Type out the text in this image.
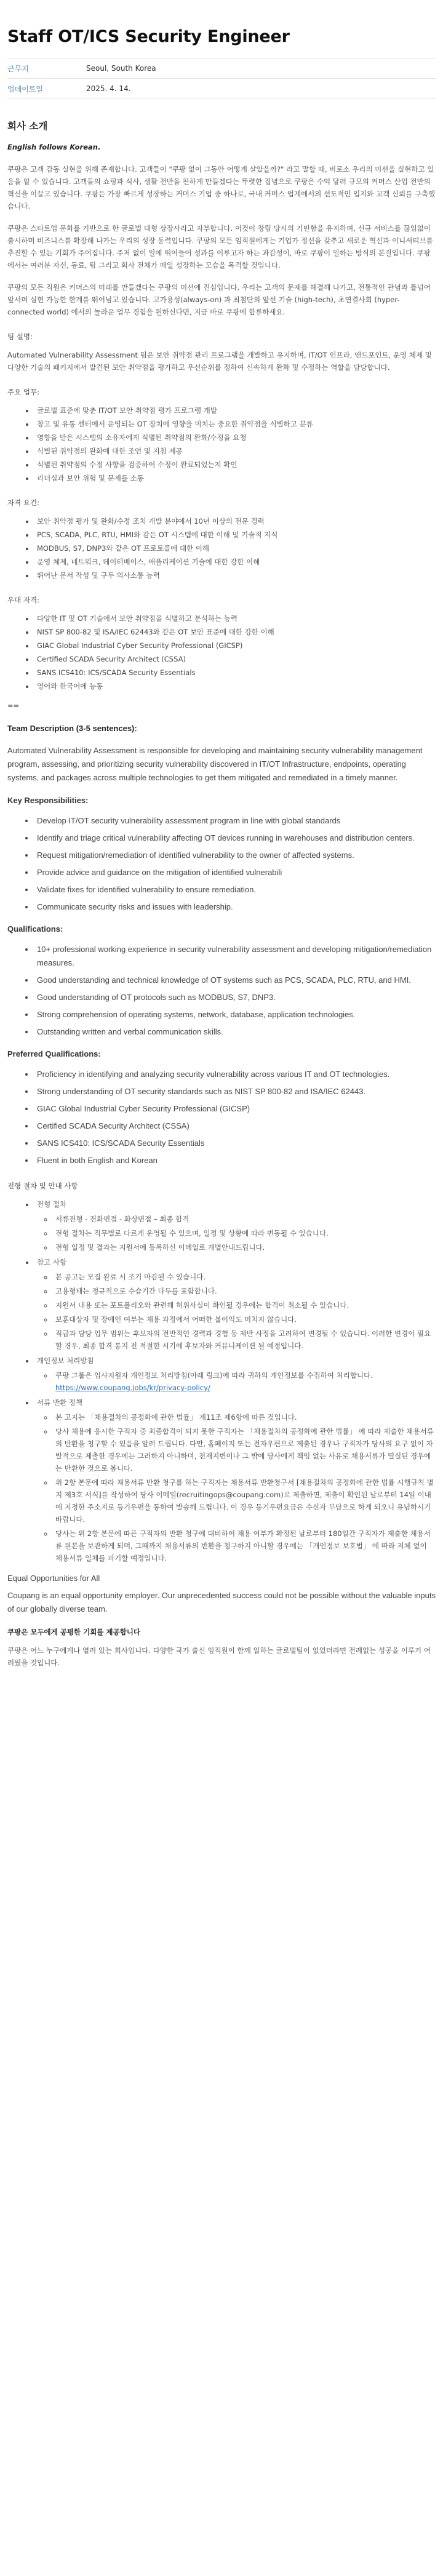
Staff OT/ICS Security Engineer
근무지	Seoul, South Korea
업데이트일	2025. 4. 14.
회사 소개

English follows Korean.

쿠팡은 고객 감동 실현을 위해 존재합니다. 고객들이 "쿠팡 없이 그동안 어떻게 살았을까?" 라고 말할 때, 비로소 우리의 미션을 실현하고 있음을 알 수 있습니다. 고객들의 쇼핑과 식사, 생활 전반을 편하게 만들겠다는 뚜렷한 집념으로 쿠팡은 수억 달러 규모의 커머스 산업 전반의 혁신을 이끌고 있습니다. 쿠팡은 가장 빠르게 성장하는 커머스 기업 중 하나로, 국내 커머스 업계에서의 선도적인 입지와 고객 신뢰를 구축했습니다.

쿠팡은 스타트업 문화를 기반으로 한 글로벌 대형 상장사라고 자부합니다. 이것이 창립 당시의 기민함을 유지하며, 신규 서비스를 끊임없이 출시하며 비즈니스를 확장해 나가는 우리의 성장 동력입니다. 쿠팡의 모든 임직원에게는 기업가 정신을 갖추고 새로운 혁신과 이니셔티브를 추진할 수 있는 기회가 주어집니다. 주저 없이 일에 뛰어들어 성과를 이루고자 하는 과감성이, 바로 쿠팡이 일하는 방식의 본질입니다. 쿠팡에서는 여러분 자신, 동료, 팀 그리고 회사 전체가 매일 성장하는 모습을 목격할 것입니다.

쿠팡의 모든 직원은 커머스의 미래를 만들겠다는 쿠팡의 미션에 진심입니다. 우리는 고객의 문제를 해결해 나가고, 전통적인 관념과 틀넘어 앞서며 실현 가능한 한계를 뛰어넘고 있습니다. 고가용성(always-on) 과 최첨단의 앞선 기술 (high-tech), 초연결사회 (hyper-connected world) 에서의 놀라운 업무 경험을 원하신다면, 지금 바로 쿠팡에 합류하세요.

팀 설명:

Automated Vulnerability Assessment 팀은 보안 취약점 관리 프로그램을 개발하고 유지하며, IT/OT 인프라, 엔드포인트, 운영 체제 및 다양한 기술의 패키지에서 발견된 보안 취약점을 평가하고 우선순위를 정하여 신속하게 완화 및 수정하는 역할을 담당합니다.

주요 업무:
• 글로벌 표준에 맞춘 IT/OT 보안 취약점 평가 프로그램 개발
• 창고 및 유통 센터에서 운영되는 OT 장치에 영향을 미치는 중요한 취약점을 식별하고 분류
• 영향을 받은 시스템의 소유자에게 식별된 취약점의 완화/수정을 요청
• 식별된 취약점의 완화에 대한 조언 및 지침 제공
• 식별된 취약점의 수정 사항을 검증하여 수정이 완료되었는지 확인
• 리더십과 보안 위험 및 문제를 소통
자격 요건:
• 보안 취약점 평가 및 완화/수정 조치 개발 분야에서 10년 이상의 전문 경력
• PCS, SCADA, PLC, RTU, HMI와 같은 OT 시스템에 대한 이해 및 기술적 지식
• MODBUS, S7, DNP3와 같은 OT 프로토콜에 대한 이해
• 운영 체제, 네트워크, 데이터베이스, 애플리케이션 기술에 대한 강한 이해
• 뛰어난 문서 작성 및 구두 의사소통 능력
우대 자격:
• 다양한 IT 및 OT 기술에서 보안 취약점을 식별하고 분석하는 능력
• NIST SP 800-82 및 ISA/IEC 62443와 같은 OT 보안 표준에 대한 강한 이해
• GIAC Global Industrial Cyber Security Professional (GICSP)
• Certified SCADA Security Architect (CSSA)
• SANS ICS410: ICS/SCADA Security Essentials
• 영어와 한국어에 능통
==
Team Description (3-5 sentences):

Automated Vulnerability Assessment is responsible for developing and maintaining security vulnerability management program, assessing, and prioritizing security vulnerability discovered in IT/OT Infrastructure, endpoints, operating systems, and packages across multiple technologies to get them mitigated and remediated in a timely manner.

Key Responsibilities:
• Develop IT/OT security vulnerability assessment program in line with global standards
• Identify and triage critical vulnerability affecting OT devices running in warehouses and distribution centers.
• Request mitigation/remediation of identified vulnerability to the owner of affected systems.
• Provide advice and guidance on the mitigation of identified vulnerabili
• Validate fixes for identified vulnerability to ensure remediation.
• Communicate security risks and issues with leadership.
Qualifications:
• 10+ professional working experience in security vulnerability assessment and developing mitigation/remediation measures.
• Good understanding and technical knowledge of OT systems such as PCS, SCADA, PLC, RTU, and HMI.
• Good understanding of OT protocols such as MODBUS, S7, DNP3.
• Strong comprehension of operating systems, network, database, application technologies.
• Outstanding written and verbal communication skills.
Preferred Qualifications:
• Proficiency in identifying and analyzing security vulnerability across various IT and OT technologies.
• Strong understanding of OT security standards such as NIST SP 800-82 and ISA/IEC 62443.
• GIAC Global Industrial Cyber Security Professional (GICSP)
• Certified SCADA Security Architect (CSSA)
• SANS ICS410: ICS/SCADA Security Essentials
• Fluent in both English and Korean
전형 절차 및 안내 사항
• 전형 절차
◦ 서류전형 - 전화면접 - 화상면접 – 최종 합격
◦ 전형 절차는 직무별로 다르게 운영될 수 있으며, 일정 및 상황에 따라 변동될 수 있습니다.
◦ 전형 일정 및 결과는 지원서에 등록하신 이메일로 개별안내드립니다.
• 참고 사항
◦ 본 공고는 모집 완료 시 조기 마감될 수 있습니다.
◦ 고용형태는 정규직으로 수습기간 다두를 포함합니다.
◦ 지원서 내용 또는 포트폴리오와 관련해 허위사실이 확인될 경우에는 합격이 취소될 수 있습니다.
◦ 보훈대상자 및 장애인 여부는 채용 과정에서 어떠한 불이익도 미치지 않습니다.
◦ 직급과 담당 업무 범위는 후보자의 전반적인 경력과 경험 등 제반 사정을 고려하여 변경될 수 있습니다. 이러한 변경이 필요할 경우, 최종 합격 통지 전 적절한 시기에 후보자와 커뮤니케이션 될 예정입니다.
• 개인정보 처리방침
◦ 쿠팡 그룹은 입사지원자 개인정보 처리방침(아래 링크)에 따라 귀하의 개인정보를 수집하여 처리합니다. https://www.coupang.jobs/kr/privacy-policy/
• 서류 반환 정책
◦ 본 고지는 「채용절차의 공정화에 관한 법률」 제11조 제6항에 따른 것입니다.
◦ 당사 채용에 응시한 구직자 중 최종합격이 되지 못한 구직자는 「채용절차의 공정화에 관한 법률」 에 따라 제출한 채용서류의 반환을 청구할 수 있음을 알려 드립니다. 다만, 홈페이지 또는 전자우편으로 제출된 경우나 구직자가 당사의 요구 없이 자발적으로 제출한 경우에는 그러하지 아니하며, 천재지변이나 그 밖에 당사에게 책임 없는 사유로 채용서류가 멸실된 경우에는 반환한 것으로 봅니다.
◦ 위 2항 본문에 따라 채용서류 반환 청구를 하는 구직자는 채용서류 반환청구서 [채용절차의 공정화에 관한 법률 시행규칙 별지 제3호 서식]를 작성하여 당사 이메일(recruitingops@coupang.com)로 제출하면, 제출이 확인된 날로부터 14일 이내에 지정한 주소지로 등기우편을 통하여 발송해 드립니다. 이 경우 등기우편요금은 수신자 부담으로 하게 되오니 유념하시기 바랍니다.
◦ 당사는 위 2항 본문에 따른 구직자의 반환 청구에 대비하여 채용 여부가 확정된 날로부터 180일간 구직자가 제출한 채용서류 원본을 보관하게 되며, 그때까지 채용서류의 반환을 청구하지 아니할 경우에는 「개인정보 보호법」 에 따라 지체 없이 채용서류 일체를 파기할 예정입니다.
Equal Opportunities for All

Coupang is an equal opportunity employer. Our unprecedented success could not be possible without the valuable inputs of our globally diverse team.

쿠팡은 모두에게 공평한 기회를 제공합니다

쿠팡은 어느 누구에게나 열려 있는 회사입니다. 다양한 국가 출신 임직원이 함께 일하는 글로벌팀이 없었더라면 전례없는 성공을 이루기 어려웠을 것입니다.
